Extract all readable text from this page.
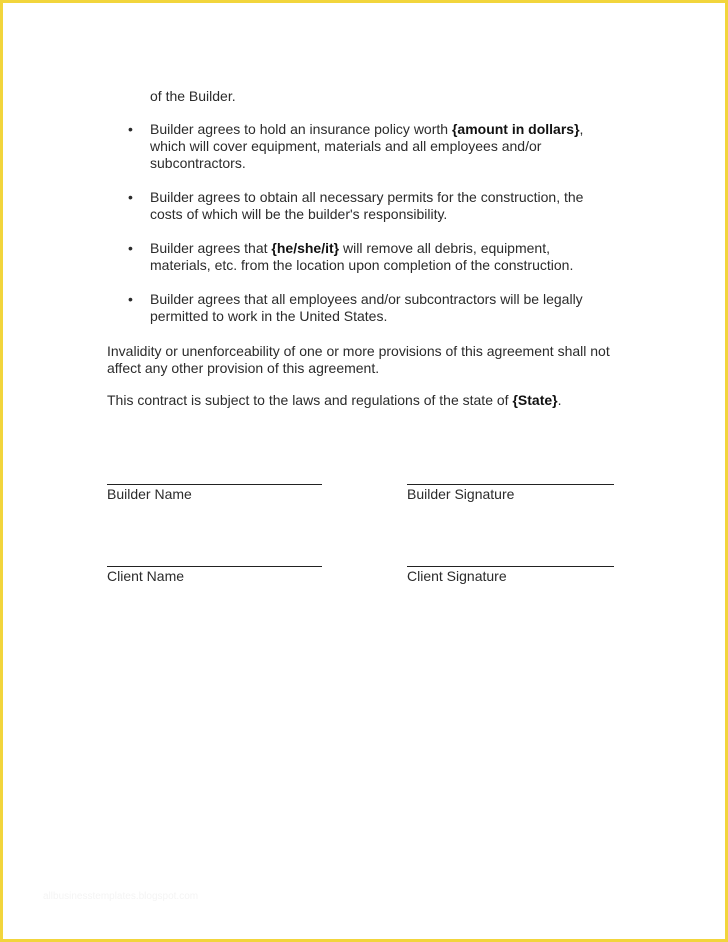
of the Builder.
•	Builder agrees to hold an insurance policy worth {amount in dollars}, which will cover equipment, materials and all employees and/or subcontractors.
•	Builder agrees to obtain all necessary permits for the construction, the costs of which will be the builder's responsibility.
•	Builder agrees that {he/she/it} will remove all debris, equipment, materials, etc. from the location upon completion of the construction.
•	Builder agrees that all employees and/or subcontractors will be legally permitted to work in the United States.
Invalidity or unenforceability of one or more provisions of this agreement shall not affect any other provision of this agreement.
This contract is subject to the laws and regulations of the state of {State}.
Builder Name	Builder Signature
Client Name	Client Signature
allbusinesstemplates.blogspot.com
